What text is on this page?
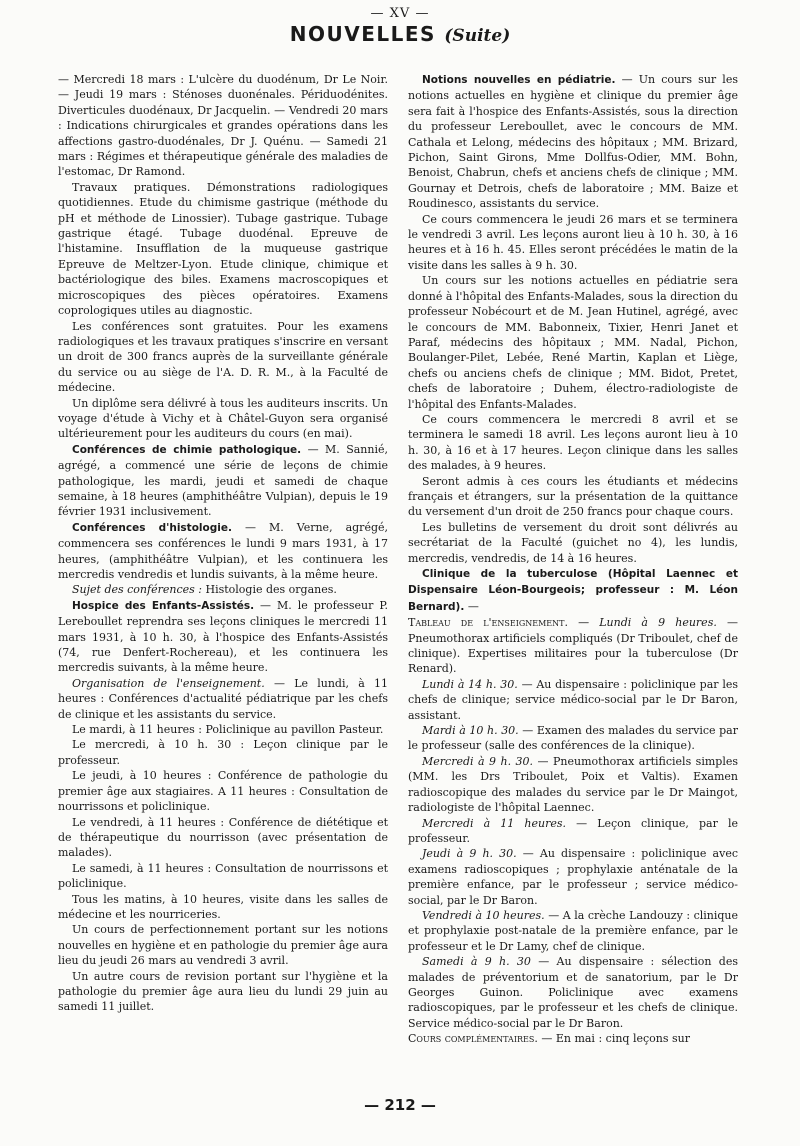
— XV —
NOUVELLES (Suite)

— Mercredi 18 mars : L'ulcère du duodénum, Dr Le Noir. — Jeudi 19 mars : Sténoses duonénales. Périduodénites. Diverticules duodénaux, Dr Jacquelin. — Vendredi 20 mars : Indications chirurgicales et grandes opérations dans les affections gastro-duodénales, Dr J. Quénu. — Samedi 21 mars : Régimes et thérapeutique générale des maladies de l'estomac, Dr Ramond.

Travaux pratiques. Démonstrations radiologiques quotidiennes. Etude du chimisme gastrique (méthode du pH et méthode de Linossier). Tubage gastrique. Tubage gastrique étagé. Tubage duodénal. Epreuve de l'histamine. Insufflation de la muqueuse gastrique Epreuve de Meltzer-Lyon. Etude clinique, chimique et bactériologique des biles. Examens macroscopiques et microscopiques des pièces opératoires. Examens coprologiques utiles au diagnostic.

Les conférences sont gratuites. Pour les examens radiologiques et les travaux pratiques s'inscrire en versant un droit de 300 francs auprès de la surveillante générale du service ou au siège de l'A. D. R. M., à la Faculté de médecine.

Un diplôme sera délivré à tous les auditeurs inscrits. Un voyage d'étude à Vichy et à Châtel-Guyon sera organisé ultérieurement pour les auditeurs du cours (en mai).

Conférences de chimie pathologique. — M. Sannié, agrégé, a commencé une série de leçons de chimie pathologique, les mardi, jeudi et samedi de chaque semaine, à 18 heures (amphithéâtre Vulpian), depuis le 19 février 1931 inclusivement.

Conférences d'histologie. — M. Verne, agrégé, commencera ses conférences le lundi 9 mars 1931, à 17 heures, (amphithéâtre Vulpian), et les continuera les mercredis vendredis et lundis suivants, à la même heure.

Sujet des conférences : Histologie des organes.

Hospice des Enfants-Assistés. — M. le professeur P. Lereboullet reprendra ses leçons cliniques le mercredi 11 mars 1931, à 10 h. 30, à l'hospice des Enfants-Assistés (74, rue Denfert-Rochereau), et les continuera les mercredis suivants, à la même heure.

Organisation de l'enseignement. — Le lundi, à 11 heures : Conférences d'actualité pédiatrique par les chefs de clinique et les assistants du service.

Le mardi, à 11 heures : Policlinique au pavillon Pasteur.

Le mercredi, à 10 h. 30 : Leçon clinique par le professeur.

Le jeudi, à 10 heures : Conférence de pathologie du premier âge aux stagiaires. A 11 heures : Consultation de nourrissons et policlinique.

Le vendredi, à 11 heures : Conférence de diététique et de thérapeutique du nourrisson (avec présentation de malades).

Le samedi, à 11 heures : Consultation de nourrissons et policlinique.

Tous les matins, à 10 heures, visite dans les salles de médecine et les nourriceries.

Un cours de perfectionnement portant sur les notions nouvelles en hygiène et en pathologie du premier âge aura lieu du jeudi 26 mars au vendredi 3 avril.

Un autre cours de revision portant sur l'hygiène et la pathologie du premier âge aura lieu du lundi 29 juin au samedi 11 juillet.

Notions nouvelles en pédiatrie. — Un cours sur les notions actuelles en hygiène et clinique du premier âge sera fait à l'hospice des Enfants-Assistés, sous la direction du professeur Lereboullet, avec le concours de MM. Cathala et Lelong, médecins des hôpitaux ; MM. Brizard, Pichon, Saint Girons, Mme Dollfus-Odier, MM. Bohn, Benoist, Chabrun, chefs et anciens chefs de clinique ; MM. Gournay et Detrois, chefs de laboratoire ; MM. Baize et Roudinesco, assistants du service.

Ce cours commencera le jeudi 26 mars et se terminera le vendredi 3 avril. Les leçons auront lieu à 10 h. 30, à 16 heures et à 16 h. 45. Elles seront précédées le matin de la visite dans les salles à 9 h. 30.

Un cours sur les notions actuelles en pédiatrie sera donné à l'hôpital des Enfants-Malades, sous la direction du professeur Nobécourt et de M. Jean Hutinel, agrégé, avec le concours de MM. Babonneix, Tixier, Henri Janet et Paraf, médecins des hôpitaux ; MM. Nadal, Pichon, Boulanger-Pilet, Lebée, René Martin, Kaplan et Liège, chefs ou anciens chefs de clinique ; MM. Bidot, Pretet, chefs de laboratoire ; Duhem, électro-radiologiste de l'hôpital des Enfants-Malades.

Ce cours commencera le mercredi 8 avril et se terminera le samedi 18 avril. Les leçons auront lieu à 10 h. 30, à 16 et à 17 heures. Leçon clinique dans les salles des malades, à 9 heures.

Seront admis à ces cours les étudiants et médecins français et étrangers, sur la présentation de la quittance du versement d'un droit de 250 francs pour chaque cours.

Les bulletins de versement du droit sont délivrés au secrétariat de la Faculté (guichet no 4), les lundis, mercredis, vendredis, de 14 à 16 heures.

Clinique de la tuberculose (Hôpital Laennec et Dispensaire Léon-Bourgeois; professeur : M. Léon Bernard). —

Tableau de l'enseignement. — Lundi à 9 heures. — Pneumothorax artificiels compliqués (Dr Triboulet, chef de clinique). Expertises militaires pour la tuberculose (Dr Renard).

Lundi à 14 h. 30. — Au dispensaire : policlinique par les chefs de clinique; service médico-social par le Dr Baron, assistant.

Mardi à 10 h. 30. — Examen des malades du service par le professeur (salle des conférences de la clinique).

Mercredi à 9 h. 30. — Pneumothorax artificiels simples (MM. les Drs Triboulet, Poix et Valtis). Examen radioscopique des malades du service par le Dr Maingot, radiologiste de l'hôpital Laennec.

Mercredi à 11 heures. — Leçon clinique, par le professeur.

Jeudi à 9 h. 30. — Au dispensaire : policlinique avec examens radioscopiques ; prophylaxie anténatale de la première enfance, par le professeur ; service médico-social, par le Dr Baron.

Vendredi à 10 heures. — A la crèche Landouzy : clinique et prophylaxie post-natale de la première enfance, par le professeur et le Dr Lamy, chef de clinique.

Samedi à 9 h. 30 — Au dispensaire : sélection des malades de préventorium et de sanatorium, par le Dr Georges Guinon. Policlinique avec examens radioscopiques, par le professeur et les chefs de clinique. Service médico-social par le Dr Baron.

Cours complémentaires. — En mai : cinq leçons sur

— 212 —
